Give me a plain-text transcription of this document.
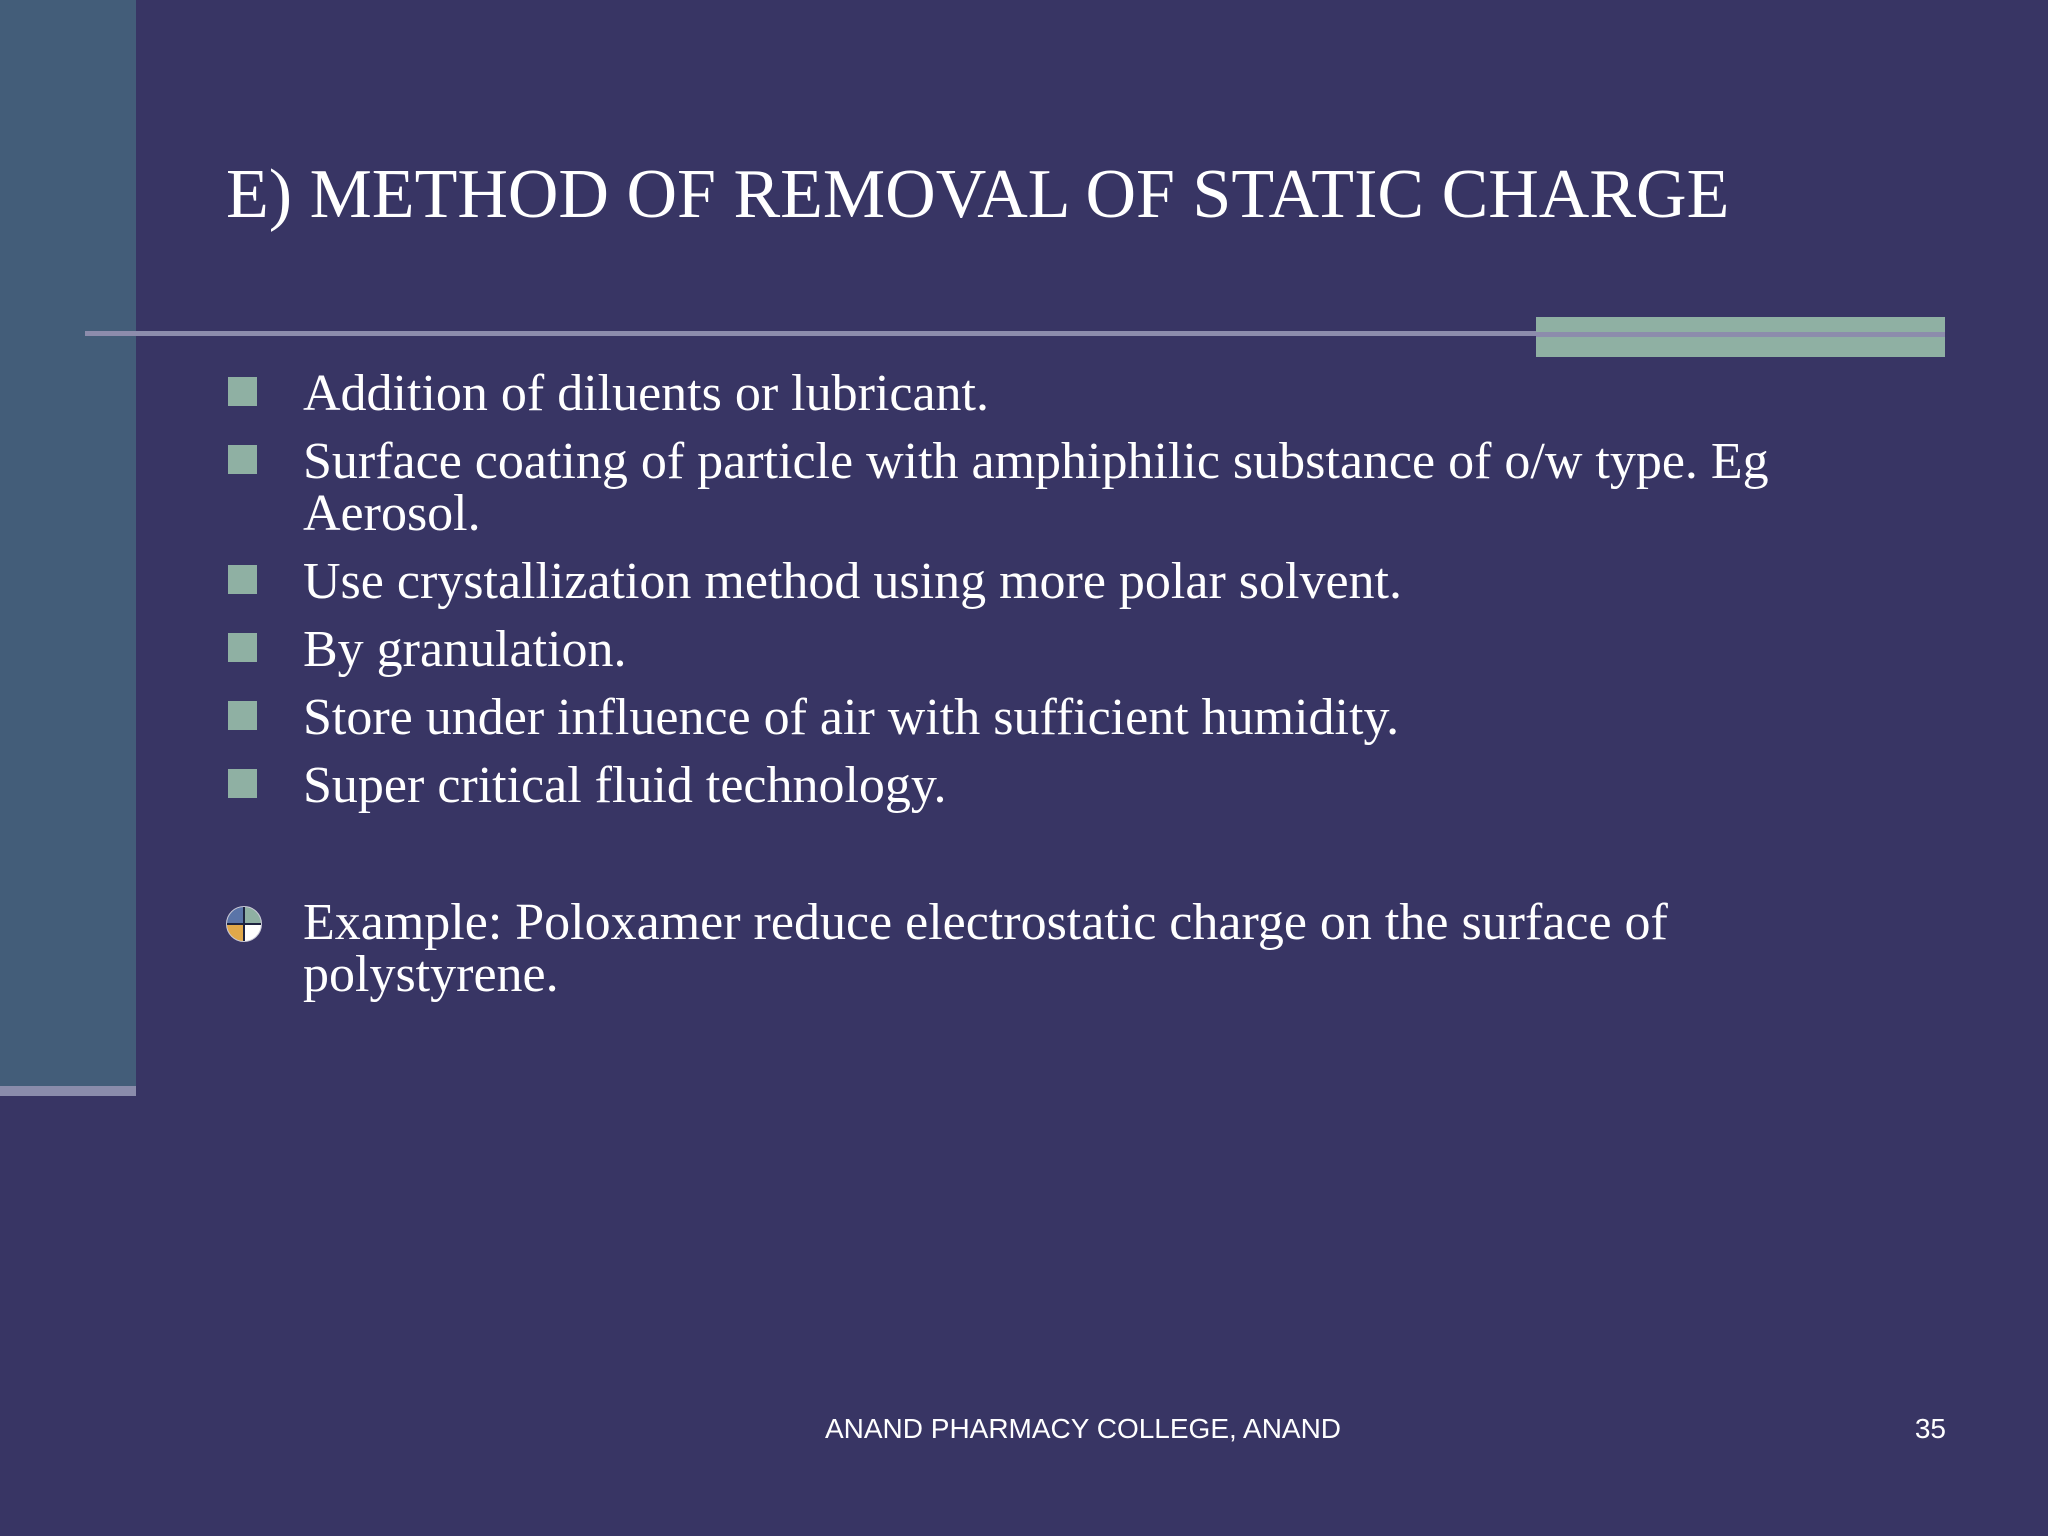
E) METHOD OF REMOVAL OF STATIC CHARGE
Addition of diluents or lubricant.
Surface coating of particle with amphiphilic substance of o/w type. Eg Aerosol.
Use crystallization method using more polar solvent.
By granulation.
Store under influence of air with sufficient humidity.
Super critical fluid technology.
Example: Poloxamer reduce electrostatic charge on the surface of polystyrene.
ANAND PHARMACY COLLEGE, ANAND	35
